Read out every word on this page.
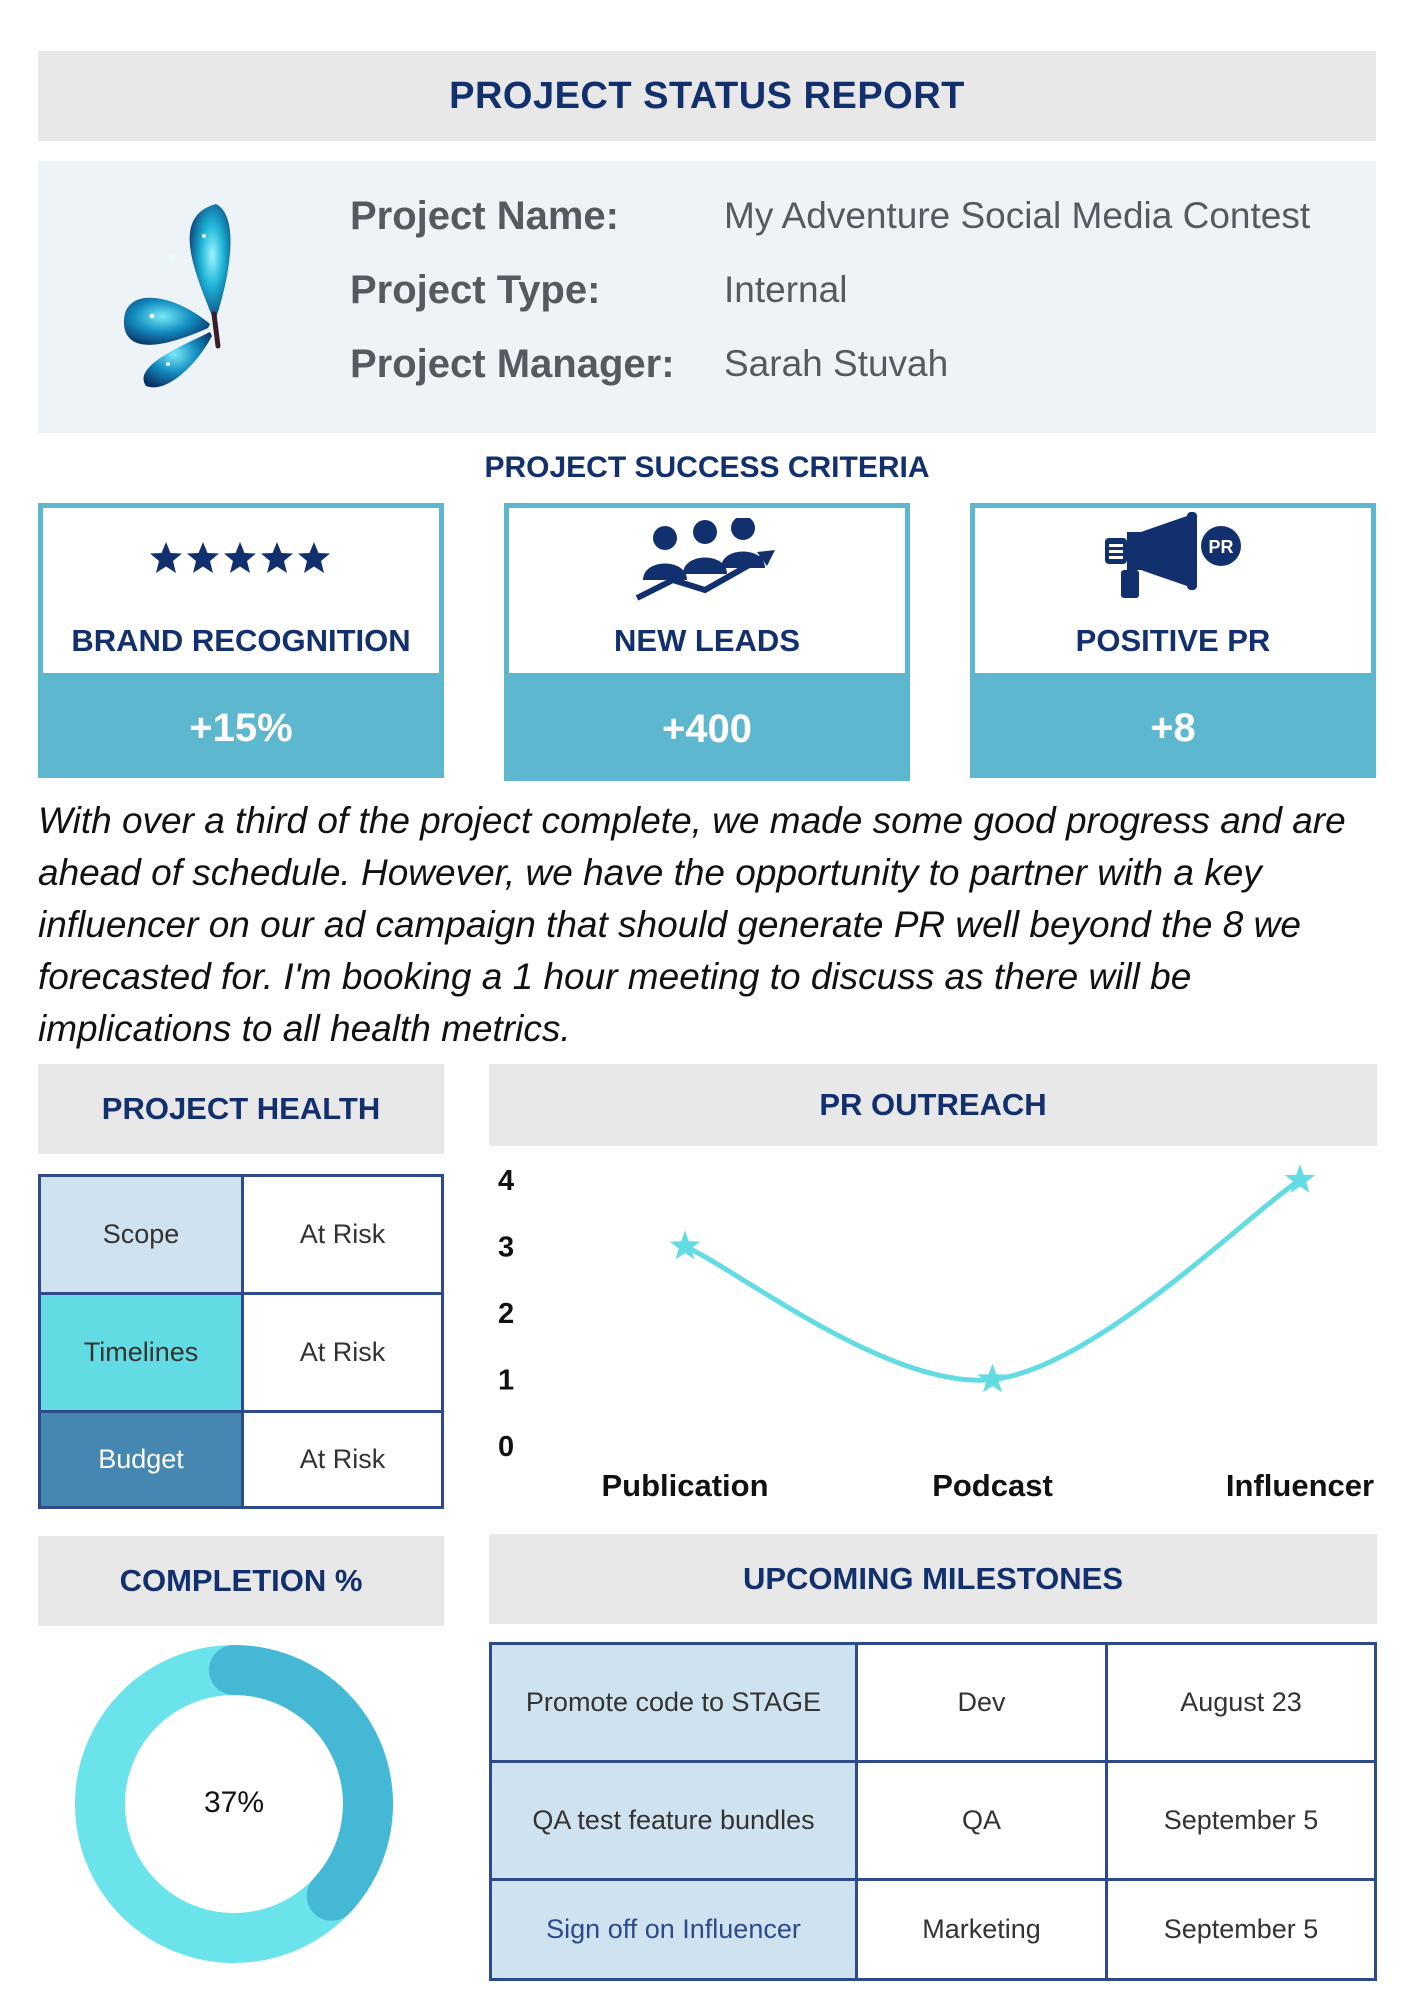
PROJECT STATUS REPORT
Project Name:	My Adventure Social Media Contest
Project Type:	Internal
Project Manager: Sarah Stuvah
PROJECT SUCCESS CRITERIA
BRAND RECOGNITION
+15%
NEW LEADS
+400
PR
POSITIVE PR
+8
With over a third of the project complete, we made some good progress and are ahead of schedule. However, we have the opportunity to partner with a key influencer on our ad campaign that should generate PR well beyond the 8 we forecasted for. I'm booking a 1 hour meeting to discuss as there will be implications to all health metrics.
PROJECT HEALTH
Scope	At Risk
Timelines	At Risk
Budget	At Risk
PR OUTREACH
0
1
2
3
4
Publication	Podcast	Influencer
COMPLETION %
37%
UPCOMING MILESTONES
Promote code to STAGE	Dev	August 23
QA test feature bundles	QA	September 5
Sign off on Influencer	Marketing	September 5
